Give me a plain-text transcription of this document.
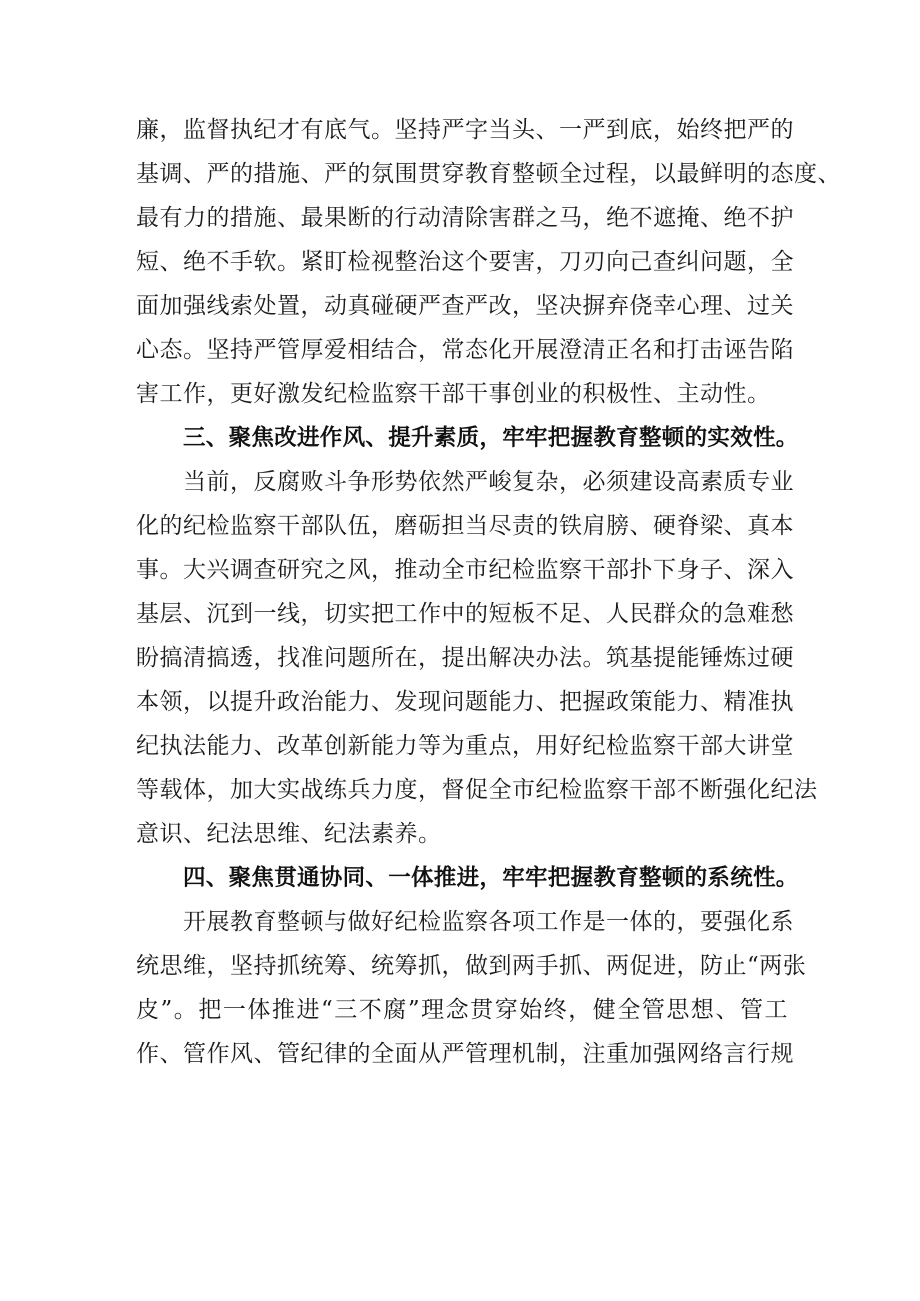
廉，监督执纪才有底气。坚持严字当头、一严到底，始终把严的
基调、严的措施、严的氛围贯穿教育整顿全过程，以最鲜明的态度、
最有力的措施、最果断的行动清除害群之马，绝不遮掩、绝不护
短、绝不手软。紧盯检视整治这个要害，刀刃向己查纠问题，全
面加强线索处置，动真碰硬严查严改，坚决摒弃侥幸心理、过关
心态。坚持严管厚爱相结合，常态化开展澄清正名和打击诬告陷
害工作，更好激发纪检监察干部干事创业的积极性、主动性。
三、聚焦改进作风、提升素质，牢牢把握教育整顿的实效性。
当前，反腐败斗争形势依然严峻复杂，必须建设高素质专业
化的纪检监察干部队伍，磨砺担当尽责的铁肩膀、硬脊梁、真本
事。大兴调查研究之风，推动全市纪检监察干部扑下身子、深入
基层、沉到一线，切实把工作中的短板不足、人民群众的急难愁
盼搞清搞透，找准问题所在，提出解决办法。筑基提能锤炼过硬
本领，以提升政治能力、发现问题能力、把握政策能力、精准执
纪执法能力、改革创新能力等为重点，用好纪检监察干部大讲堂
等载体，加大实战练兵力度，督促全市纪检监察干部不断强化纪法
意识、纪法思维、纪法素养。
四、聚焦贯通协同、一体推进，牢牢把握教育整顿的系统性。
开展教育整顿与做好纪检监察各项工作是一体的，要强化系
统思维，坚持抓统筹、统筹抓，做到两手抓、两促进，防止“两张
皮”。把一体推进“三不腐”理念贯穿始终，健全管思想、管工
作、管作风、管纪律的全面从严管理机制，注重加强网络言行规
